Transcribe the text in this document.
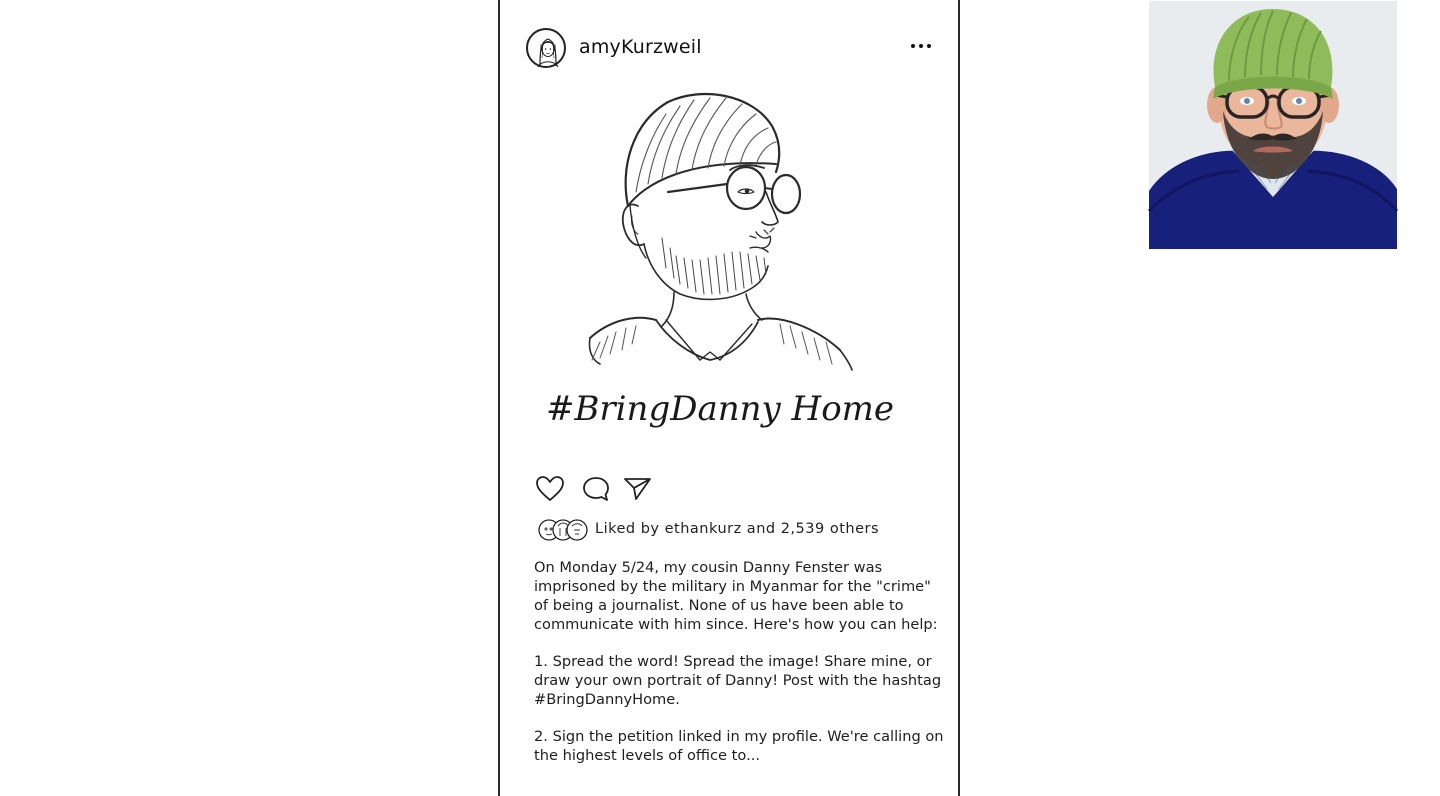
amyKurzweil
#BringDanny Home
Liked by ethankurz and 2,539 others

On Monday 5/24, my cousin Danny Fenster was imprisoned by the military in Myanmar for the "crime" of being a journalist. None of us have been able to communicate with him since. Here's how you can help:

1. Spread the word! Spread the image! Share mine, or draw your own portrait of Danny! Post with the hashtag #BringDannyHome.

2. Sign the petition linked in my profile. We're calling on the highest levels of office to...
